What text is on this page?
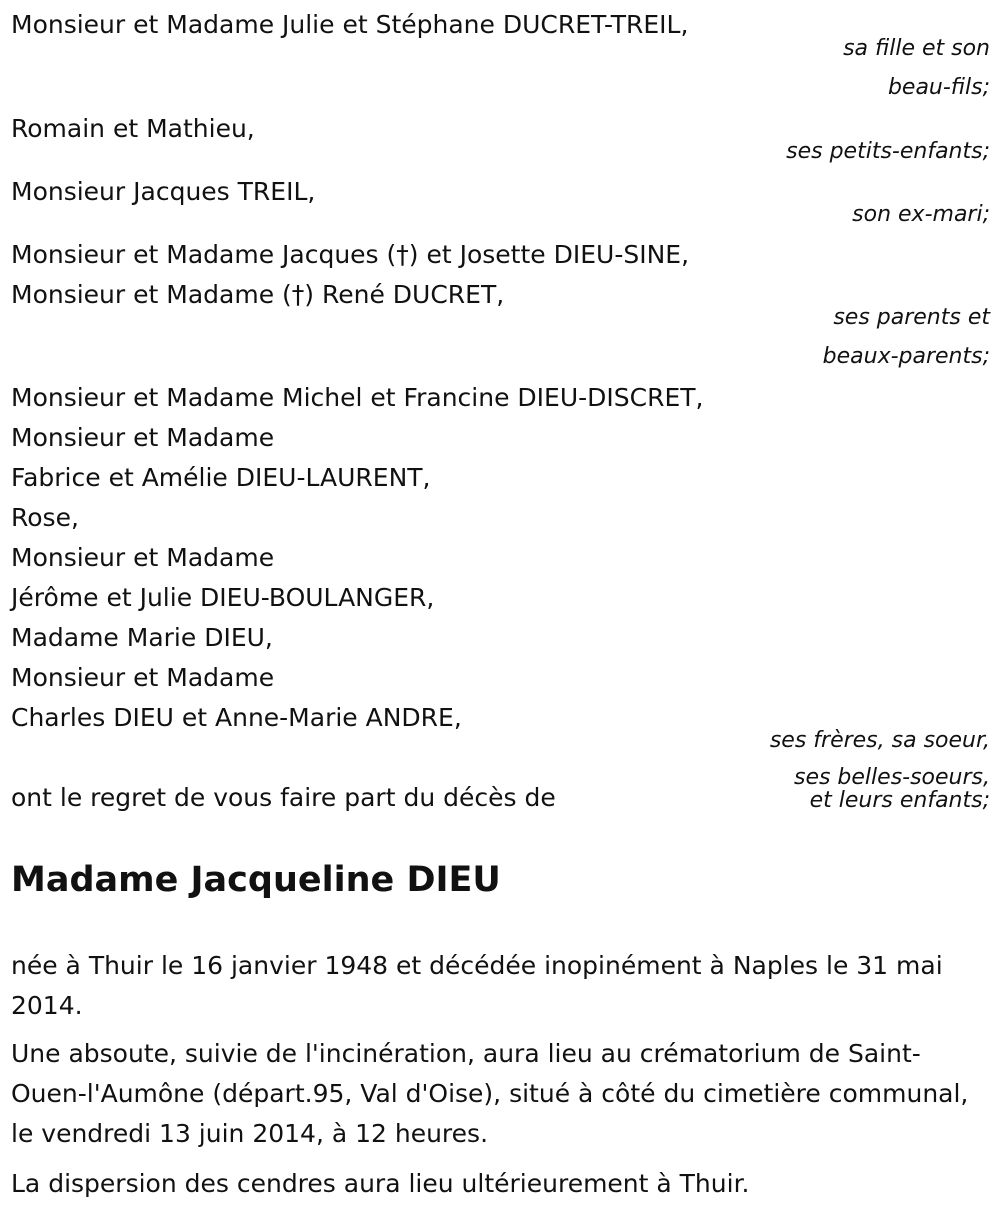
Monsieur et Madame Julie et Stéphane DUCRET-TREIL,
sa fille et son
beau-fils;
Romain et Mathieu,
ses petits-enfants;
Monsieur Jacques TREIL,
son ex-mari;
Monsieur et Madame Jacques (†) et Josette DIEU-SINE,
Monsieur et Madame (†) René DUCRET,
ses parents et
beaux-parents;
Monsieur et Madame Michel et Francine DIEU-DISCRET,
Monsieur et Madame
Fabrice et Amélie DIEU-LAURENT,
Rose,
Monsieur et Madame
Jérôme et Julie DIEU-BOULANGER,
Madame Marie DIEU,
Monsieur et Madame
Charles DIEU et Anne-Marie ANDRE,
ses frères, sa soeur,
ses belles-soeurs,
et leurs enfants;
ont le regret de vous faire part du décès de
Madame Jacqueline DIEU
née à Thuir le 16 janvier 1948 et décédée inopinément à Naples le 31 mai 2014.
Une absoute, suivie de l'incinération, aura lieu au crématorium de Saint-Ouen-l'Aumône (départ.95, Val d'Oise), situé à côté du cimetière communal, le vendredi 13 juin 2014, à 12 heures.
La dispersion des cendres aura lieu ultérieurement à Thuir.
